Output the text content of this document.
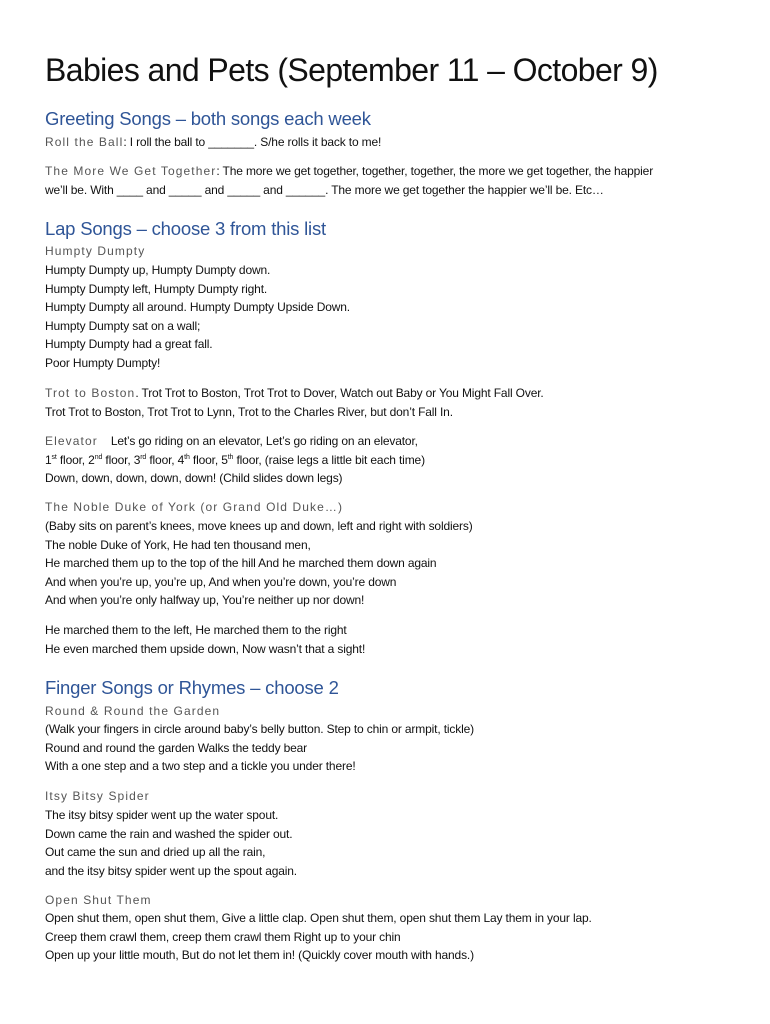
Babies and Pets (September 11 – October 9)
Greeting Songs – both songs each week
Roll the Ball: I roll the ball to _______. S/he rolls it back to me!
The More We Get Together: The more we get together, together, together, the more we get together, the happier
we’ll be. With ____ and _____ and _____ and ______. The more we get together the happier we’ll be. Etc…
Lap Songs – choose 3 from this list
Humpty Dumpty
Humpty Dumpty up, Humpty Dumpty down.
Humpty Dumpty left, Humpty Dumpty right.
Humpty Dumpty all around. Humpty Dumpty Upside Down.
Humpty Dumpty sat on a wall;
Humpty Dumpty had a great fall.
Poor Humpty Dumpty!
Trot to Boston. Trot Trot to Boston, Trot Trot to Dover, Watch out Baby or You Might Fall Over.
Trot Trot to Boston, Trot Trot to Lynn, Trot to the Charles River, but don’t Fall In.
Elevator Let’s go riding on an elevator, Let’s go riding on an elevator,
1st floor, 2nd floor, 3rd floor, 4th floor, 5th floor, (raise legs a little bit each time)
Down, down, down, down, down! (Child slides down legs)
The Noble Duke of York (or Grand Old Duke…)
(Baby sits on parent’s knees, move knees up and down, left and right with soldiers)
The noble Duke of York, He had ten thousand men,
He marched them up to the top of the hill And he marched them down again
And when you’re up, you’re up, And when you’re down, you’re down
And when you’re only halfway up, You’re neither up nor down!
He marched them to the left, He marched them to the right
He even marched them upside down, Now wasn’t that a sight!
Finger Songs or Rhymes – choose 2
Round & Round the Garden
(Walk your fingers in circle around baby’s belly button. Step to chin or armpit, tickle)
Round and round the garden Walks the teddy bear
With a one step and a two step and a tickle you under there!
Itsy Bitsy Spider
The itsy bitsy spider went up the water spout.
Down came the rain and washed the spider out.
Out came the sun and dried up all the rain,
and the itsy bitsy spider went up the spout again.
Open Shut Them
Open shut them, open shut them, Give a little clap. Open shut them, open shut them Lay them in your lap.
Creep them crawl them, creep them crawl them Right up to your chin
Open up your little mouth, But do not let them in! (Quickly cover mouth with hands.)
